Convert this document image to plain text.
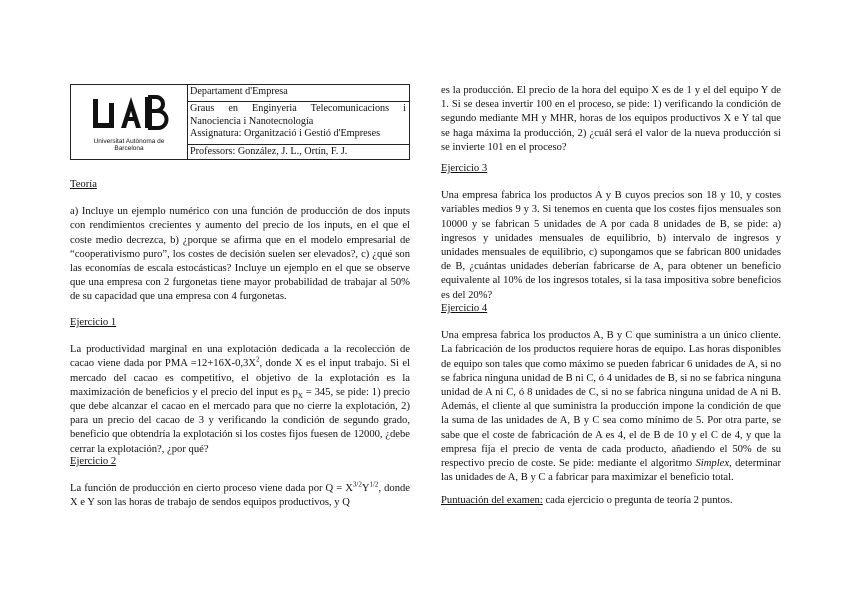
Universitat Autònoma de Barcelona
Departament d'Empresa
Graus en Enginyeria Telecomunicacions i Nanociencia i Nanotecnología
Assignatura: Organització i Gestió d'Empreses
Professors: González, J. L., Ortín, F. J.

Teoría

a) Incluye un ejemplo numérico con una función de producción de dos inputs con rendimientos crecientes y aumento del precio de los inputs, en el que el coste medio decrezca, b) ¿porque se afirma que en el modelo empresarial de “cooperativismo puro”, los costes de decisión suelen ser elevados?, c) ¿qué son las economías de escala estocásticas? Incluye un ejemplo en el que se observe que una empresa con 2 furgonetas tiene mayor probabilidad de trabajar al 50% de su capacidad que una empresa con 4 furgonetas.

Ejercicio 1

La productividad marginal en una explotación dedicada a la recolección de cacao viene dada por PMA $=12+16X-0,3X^2$, donde X es el input trabajo. Si el mercado del cacao es competitivo, el objetivo de la explotación es la maximización de beneficios y el precio del input es $p_X = 345$, se pide: 1) precio que debe alcanzar el cacao en el mercado para que no cierre la explotación, 2) para un precio del cacao de 3 y verificando la condición de segundo grado, beneficio que obtendría la explotación si los costes fijos fuesen de 12000, ¿debe cerrar la explotación?, ¿por qué?

Ejercicio 2

La función de producción en cierto proceso viene dada por $Q = X^{3/2}Y^{1/2}$, donde X e Y son las horas de trabajo de sendos equipos productivos, y Q

es la producción. El precio de la hora del equipo X es de 1 y el del equipo Y de 1. Si se desea invertir 100 en el proceso, se pide: 1) verificando la condición de segundo mediante MH y MHR, horas de los equipos productivos X e Y tal que se haga máxima la producción, 2) ¿cuál será el valor de la nueva producción si se invierte 101 en el proceso?

Ejercicio 3

Una empresa fabrica los productos A y B cuyos precios son 18 y 10, y costes variables medios 9 y 3. Si tenemos en cuenta que los costes fijos mensuales son 10000 y se fabrican 5 unidades de A por cada 8 unidades de B, se pide: a) ingresos y unidades mensuales de equilibrio, b) intervalo de ingresos y unidades mensuales de equilibrio, c) supongamos que se fabrican 800 unidades de B, ¿cuántas unidades deberían fabricarse de A, para obtener un beneficio equivalente al 10% de los ingresos totales, si la tasa impositiva sobre beneficios es del 20%?

Ejercicio 4

Una empresa fabrica los productos A, B y C que suministra a un único cliente. La fabricación de los productos requiere horas de equipo. Las horas disponibles de equipo son tales que como máximo se pueden fabricar 6 unidades de A, si no se fabrica ninguna unidad de B ni C, ó 4 unidades de B, si no se fabrica ninguna unidad de A ni C, ó 8 unidades de C, si no se fabrica ninguna unidad de A ni B. Además, el cliente al que suministra la producción impone la condición de que la suma de las unidades de A, B y C sea como mínimo de 5. Por otra parte, se sabe que el coste de fabricación de A es 4, el de B de 10 y el C de 4, y que la empresa fija el precio de venta de cada producto, añadiendo el 50% de su respectivo precio de coste. Se pide: mediante el algoritmo Simplex, determinar las unidades de A, B y C a fabricar para maximizar el beneficio total.

Puntuación del examen: cada ejercicio o pregunta de teoría 2 puntos.
